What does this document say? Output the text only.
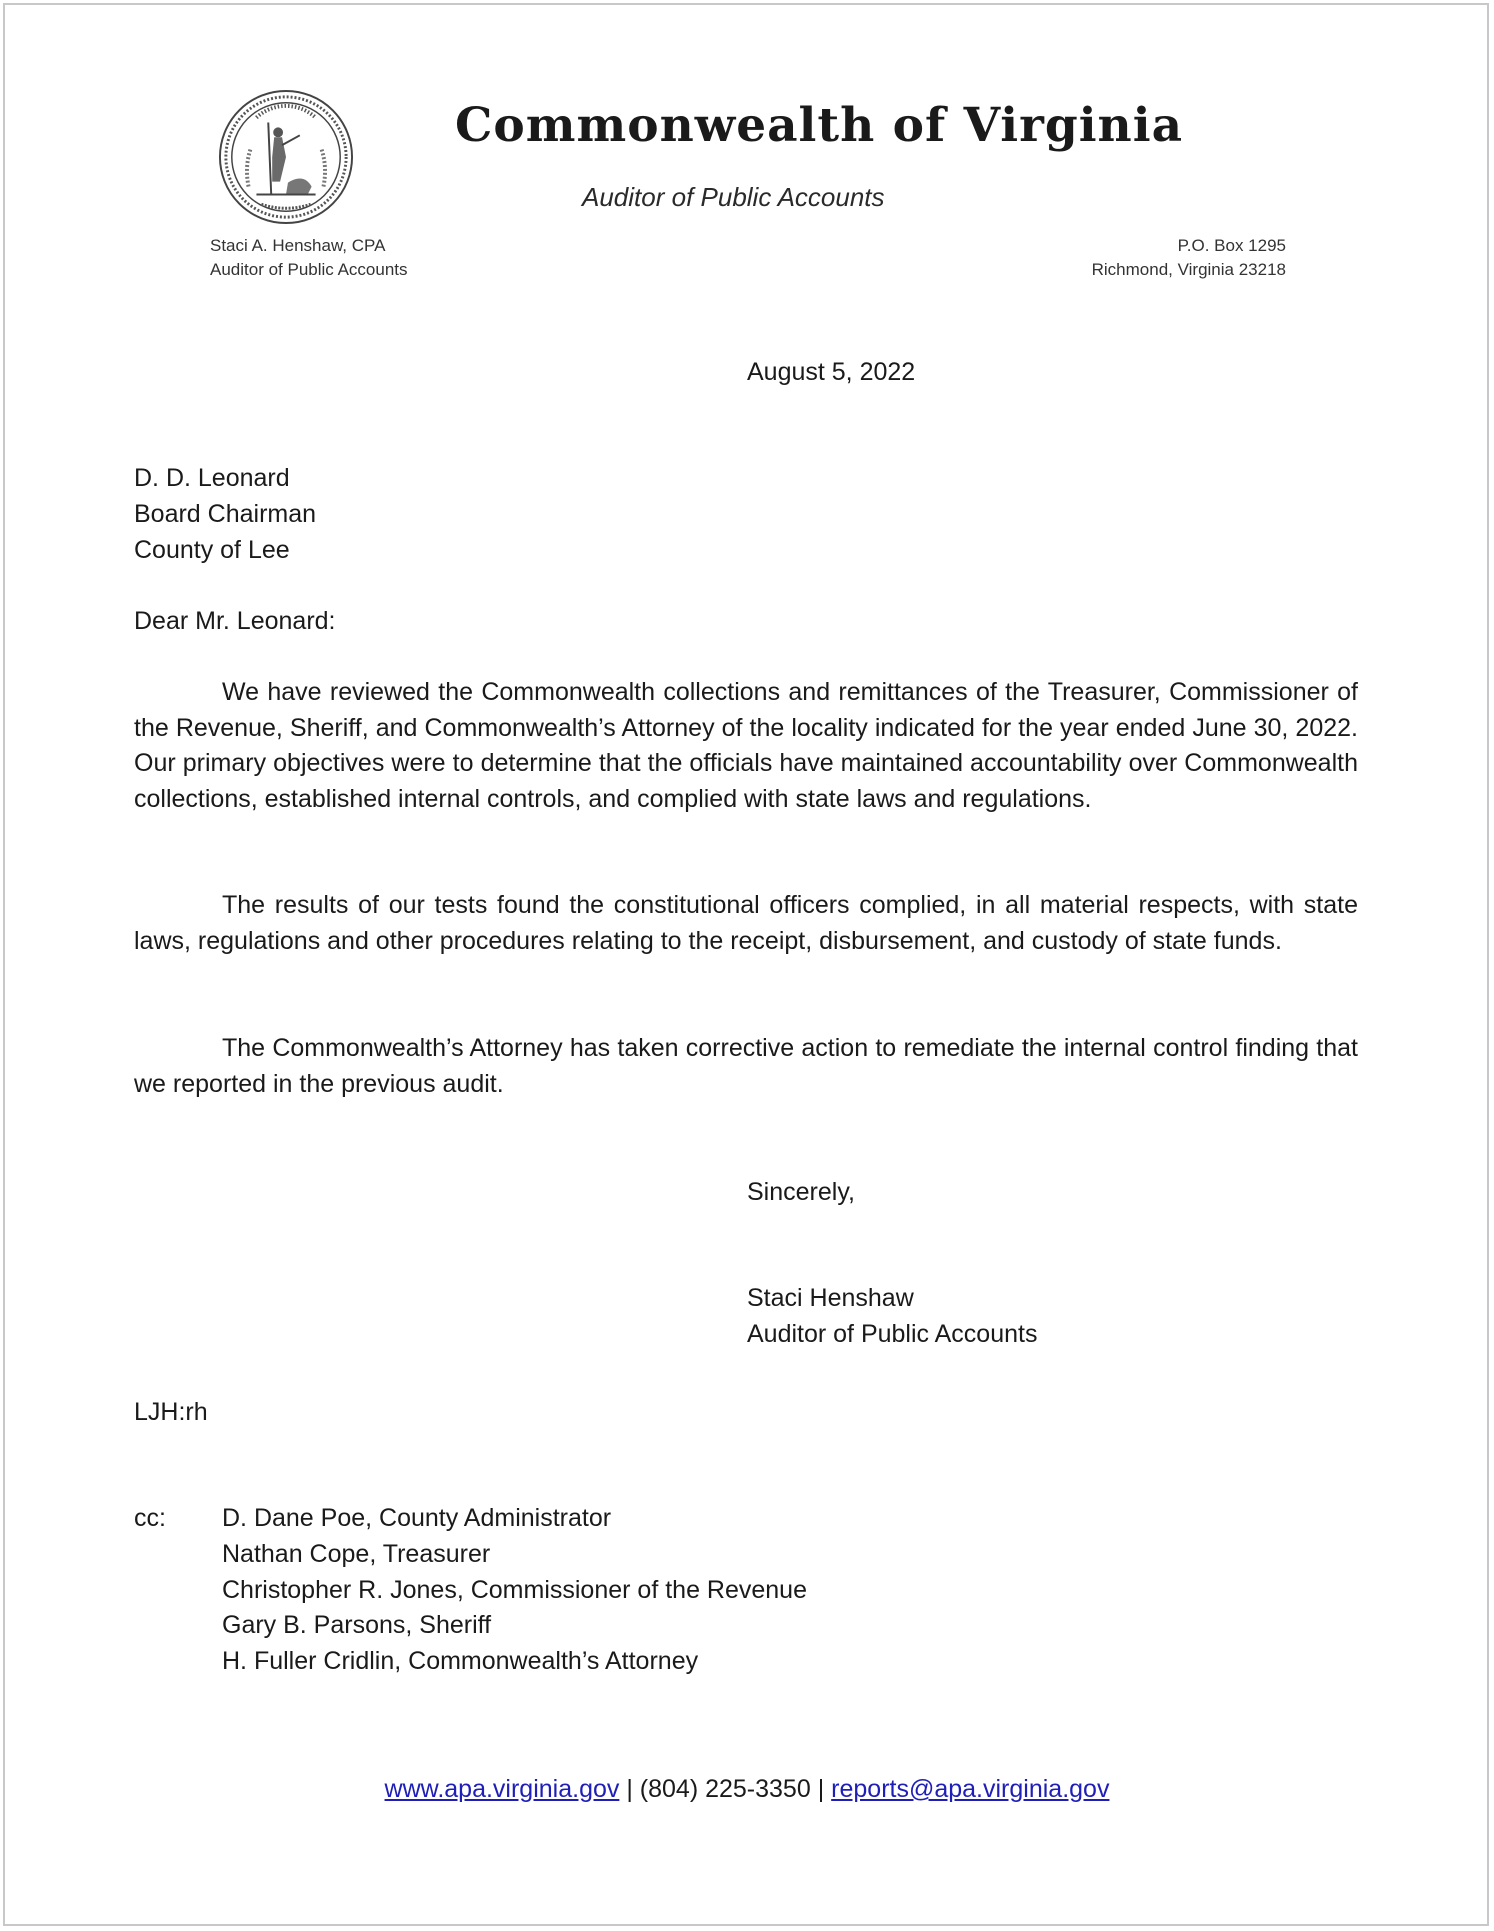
Commonwealth of Virginia
Auditor of Public Accounts
Staci A. Henshaw, CPA
Auditor of Public Accounts
P.O. Box 1295
Richmond, Virginia 23218
August 5, 2022
D. D. Leonard
Board Chairman
County of Lee
Dear Mr. Leonard:
We have reviewed the Commonwealth collections and remittances of the Treasurer, Commissioner of the Revenue, Sheriff, and Commonwealth’s Attorney of the locality indicated for the year ended June 30, 2022. Our primary objectives were to determine that the officials have maintained accountability over Commonwealth collections, established internal controls, and complied with state laws and regulations.
The results of our tests found the constitutional officers complied, in all material respects, with state laws, regulations and other procedures relating to the receipt, disbursement, and custody of state funds.
The Commonwealth’s Attorney has taken corrective action to remediate the internal control finding that we reported in the previous audit.
Sincerely,
Staci Henshaw
Auditor of Public Accounts
LJH:rh
cc: D. Dane Poe, County Administrator
Nathan Cope, Treasurer
Christopher R. Jones, Commissioner of the Revenue
Gary B. Parsons, Sheriff
H. Fuller Cridlin, Commonwealth’s Attorney
www.apa.virginia.gov | (804) 225-3350 | reports@apa.virginia.gov
